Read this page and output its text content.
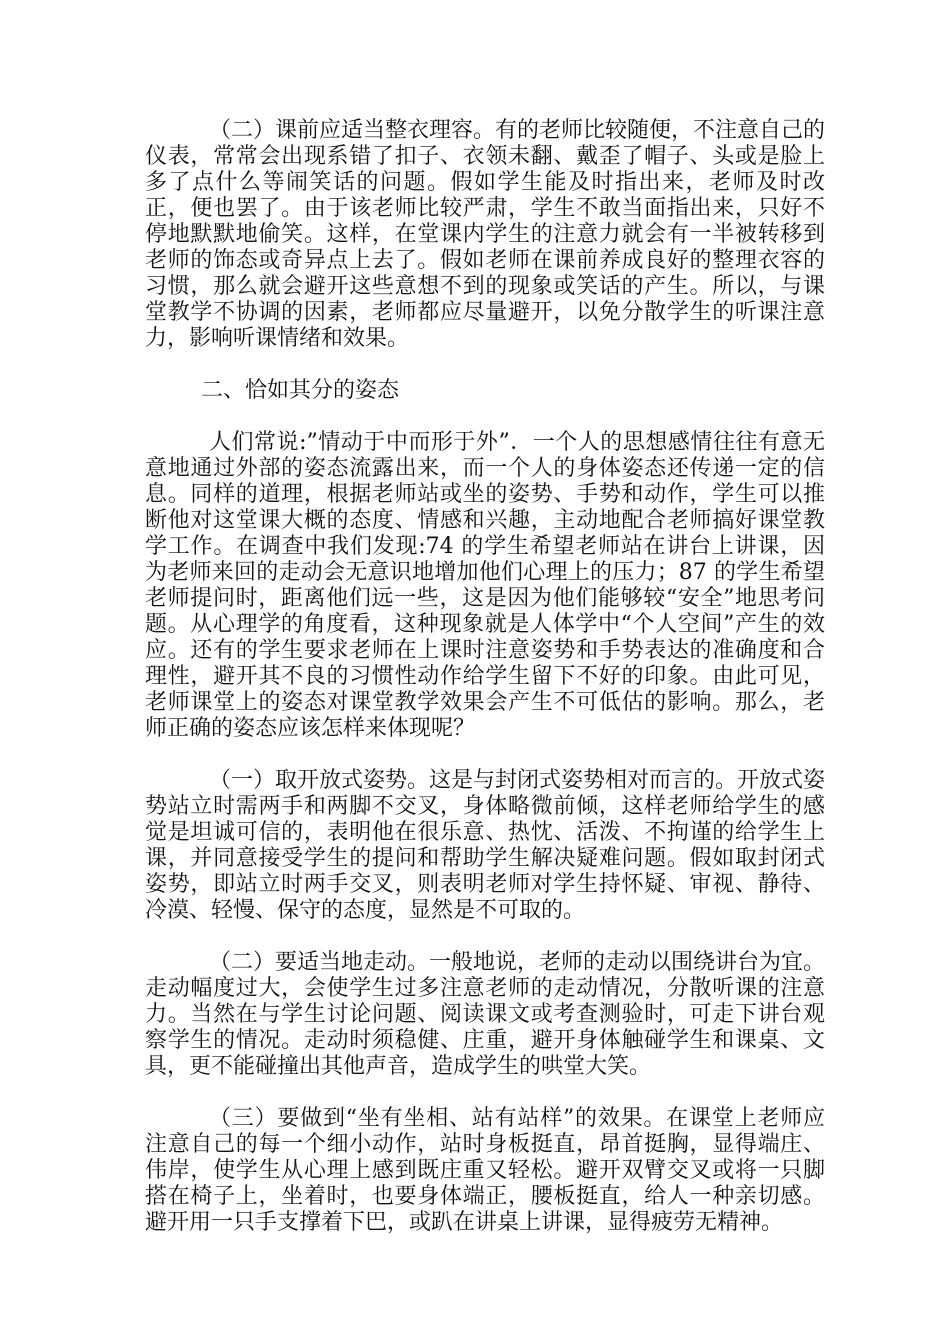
（二）课前应适当整衣理容。有的老师比较随便，不注意自己的仪表，常常会出现系错了扣子、衣领未翻、戴歪了帽子、头或是脸上多了点什么等闹笑话的问题。假如学生能及时指出来，老师及时改正，便也罢了。由于该老师比较严肃，学生不敢当面指出来，只好不停地默默地偷笑。这样，在堂课内学生的注意力就会有一半被转移到老师的饰态或奇异点上去了。假如老师在课前养成良好的整理衣容的习惯，那么就会避开这些意想不到的现象或笑话的产生。所以，与课堂教学不协调的因素，老师都应尽量避开，以免分散学生的听课注意力，影响听课情绪和效果。

二、恰如其分的姿态

人们常说:”情动于中而形于外”．一个人的思想感情往往有意无意地通过外部的姿态流露出来，而一个人的身体姿态还传递一定的信息。同样的道理，根据老师站或坐的姿势、手势和动作，学生可以推断他对这堂课大概的态度、情感和兴趣，主动地配合老师搞好课堂教学工作。在调查中我们发现:74 的学生希望老师站在讲台上讲课，因为老师来回的走动会无意识地增加他们心理上的压力；87 的学生希望老师提问时，距离他们远一些，这是因为他们能够较“安全”地思考问题。从心理学的角度看，这种现象就是人体学中“个人空间”产生的效应。还有的学生要求老师在上课时注意姿势和手势表达的准确度和合理性，避开其不良的习惯性动作给学生留下不好的印象。由此可见，老师课堂上的姿态对课堂教学效果会产生不可低估的影响。那么，老师正确的姿态应该怎样来体现呢？

（一）取开放式姿势。这是与封闭式姿势相对而言的。开放式姿势站立时需两手和两脚不交叉，身体略微前倾，这样老师给学生的感觉是坦诚可信的，表明他在很乐意、热忱、活泼、不拘谨的给学生上课，并同意接受学生的提问和帮助学生解决疑难问题。假如取封闭式姿势，即站立时两手交叉，则表明老师对学生持怀疑、审视、静待、冷漠、轻慢、保守的态度，显然是不可取的。

（二）要适当地走动。一般地说，老师的走动以围绕讲台为宜。走动幅度过大，会使学生过多注意老师的走动情况，分散听课的注意力。当然在与学生讨论问题、阅读课文或考查测验时，可走下讲台观察学生的情况。走动时须稳健、庄重，避开身体触碰学生和课桌、文具，更不能碰撞出其他声音，造成学生的哄堂大笑。

（三）要做到“坐有坐相、站有站样”的效果。在课堂上老师应注意自己的每一个细小动作，站时身板挺直，昂首挺胸，显得端庄、伟岸，使学生从心理上感到既庄重又轻松。避开双臂交叉或将一只脚搭在椅子上，坐着时，也要身体端正，腰板挺直，给人一种亲切感。避开用一只手支撑着下巴，或趴在讲桌上讲课，显得疲劳无精神。
